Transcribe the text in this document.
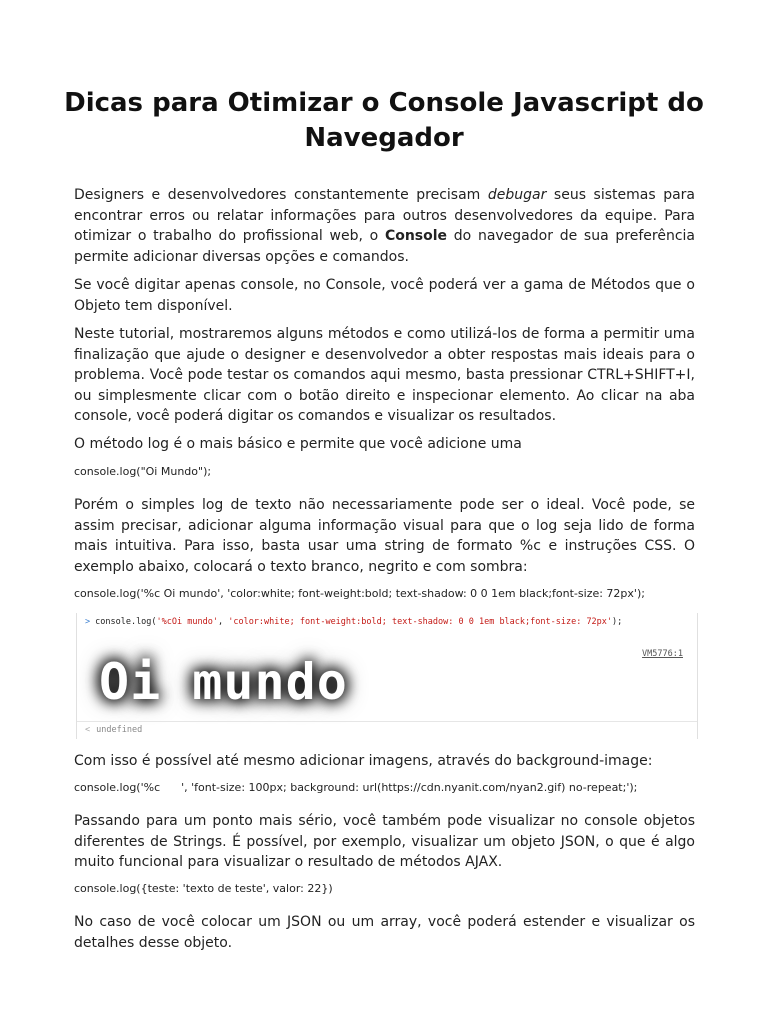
Dicas para Otimizar o Console Javascript do Navegador

Designers e desenvolvedores constantemente precisam debugar seus sistemas para encontrar erros ou relatar informações para outros desenvolvedores da equipe. Para otimizar o trabalho do profissional web, o Console do navegador de sua preferência permite adicionar diversas opções e comandos.

Se você digitar apenas console, no Console, você poderá ver a gama de Métodos que o Objeto tem disponível.

Neste tutorial, mostraremos alguns métodos e como utilizá-los de forma a permitir uma finalização que ajude o designer e desenvolvedor a obter respostas mais ideais para o problema. Você pode testar os comandos aqui mesmo, basta pressionar CTRL+SHIFT+I, ou simplesmente clicar com o botão direito e inspecionar elemento. Ao clicar na aba console, você poderá digitar os comandos e visualizar os resultados.

O método log é o mais básico e permite que você adicione uma

console.log("Oi Mundo");

Porém o simples log de texto não necessariamente pode ser o ideal. Você pode, se assim precisar, adicionar alguma informação visual para que o log seja lido de forma mais intuitiva. Para isso, basta usar uma string de formato %c e instruções CSS. O exemplo abaixo, colocará o texto branco, negrito e com sombra:

console.log('%c Oi mundo', 'color:white; font-weight:bold; text-shadow: 0 0 1em black;font-size: 72px');

> console.log('%cOi mundo', 'color:white; font-weight:bold; text-shadow: 0 0 1em black;font-size: 72px');
VM5776:1
Oi mundo
< undefined

Com isso é possível até mesmo adicionar imagens, através do background-image:

console.log('%c      ', 'font-size: 100px; background: url(https://cdn.nyanit.com/nyan2.gif) no-repeat;');

Passando para um ponto mais sério, você também pode visualizar no console objetos diferentes de Strings. É possível, por exemplo, visualizar um objeto JSON, o que é algo muito funcional para visualizar o resultado de métodos AJAX.

console.log({teste: 'texto de teste', valor: 22})

No caso de você colocar um JSON ou um array, você poderá estender e visualizar os detalhes desse objeto.
